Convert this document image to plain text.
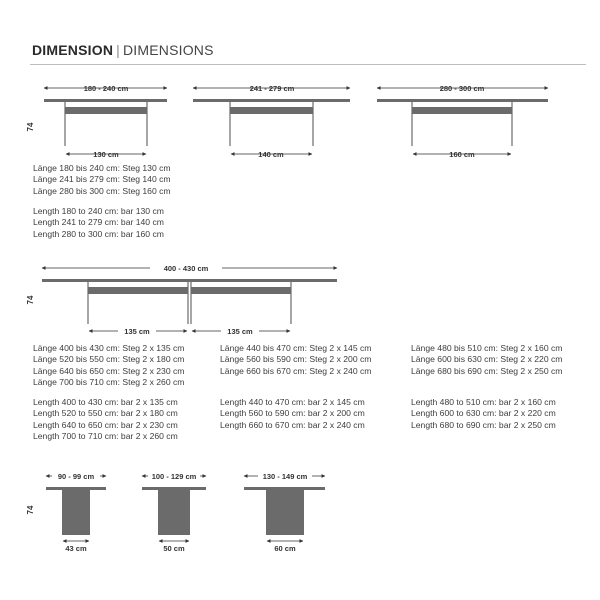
DIMENSION | DIMENSIONS
74
180 - 240 cm
130 cm
241 - 279 cm
140 cm
280 - 300 cm
160 cm
74
400 - 430 cm
135 cm	135 cm
74
90 - 99 cm
43 cm
100 - 129 cm
50 cm
130 - 149 cm
60 cm
Länge 180 bis 240 cm: Steg 130 cm
Länge 241 bis 279 cm: Steg 140 cm
Länge 280 bis 300 cm: Steg 160 cm
Length 180 to 240 cm: bar 130 cm
Length 241 to 279 cm: bar 140 cm
Length 280 to 300 cm: bar 160 cm
Länge 400 bis 430 cm: Steg 2 x 135 cm
Länge 520 bis 550 cm: Steg 2 x 180 cm
Länge 640 bis 650 cm: Steg 2 x 230 cm
Länge 700 bis 710 cm: Steg 2 x 260 cm
Length 400 to 430 cm: bar 2 x 135 cm
Length 520 to 550 cm: bar 2 x 180 cm
Length 640 to 650 cm: bar 2 x 230 cm
Length 700 to 710 cm: bar 2 x 260 cm
Länge 440 bis 470 cm: Steg 2 x 145 cm
Länge 560 bis 590 cm: Steg 2 x 200 cm
Länge 660 bis 670 cm: Steg 2 x 240 cm
Length 440 to 470 cm: bar 2 x 145 cm
Length 560 to 590 cm: bar 2 x 200 cm
Length 660 to 670 cm: bar 2 x 240 cm
Länge 480 bis 510 cm: Steg 2 x 160 cm
Länge 600 bis 630 cm: Steg 2 x 220 cm
Länge 680 bis 690 cm: Steg 2 x 250 cm
Length 480 to 510 cm: bar 2 x 160 cm
Length 600 to 630 cm: bar 2 x 220 cm
Length 680 to 690 cm: bar 2 x 250 cm
